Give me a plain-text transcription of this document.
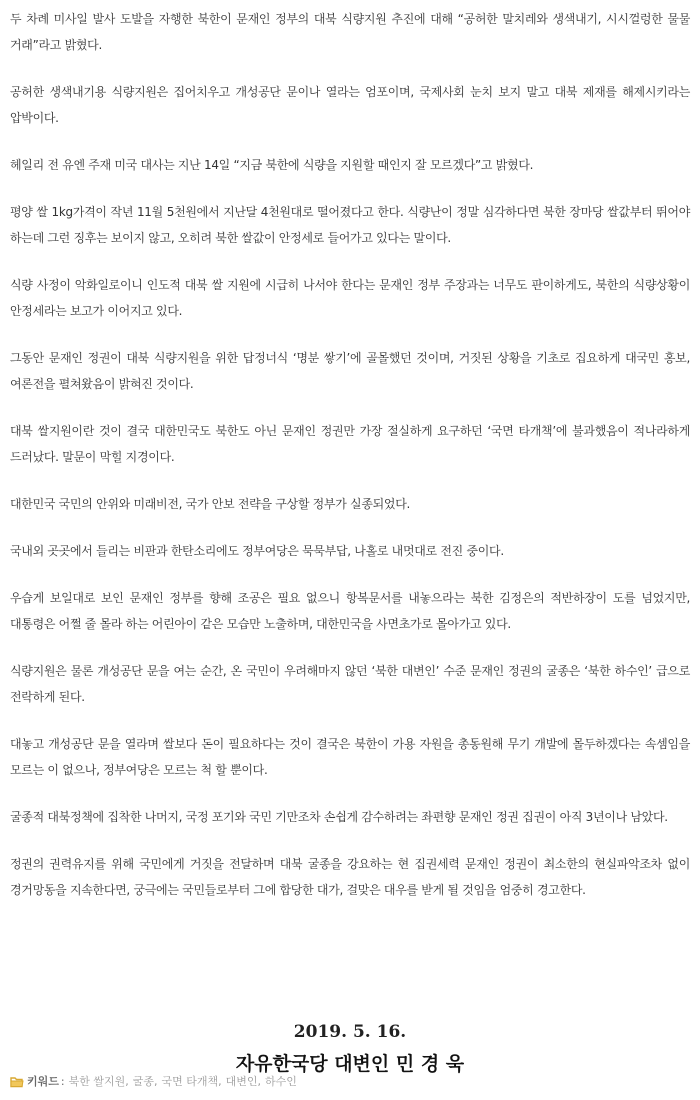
두 차례 미사일 발사 도발을 자행한 북한이 문재인 정부의 대북 식량지원 추진에 대해 “공허한 말치레와 생색내기, 시시껄렁한 물물 거래”라고 밝혔다.

공허한 생색내기용 식량지원은 집어치우고 개성공단 문이나 열라는 엄포이며, 국제사회 눈치 보지 말고 대북 제재를 해제시키라는 압박이다.

헤일리 전 유엔 주재 미국 대사는 지난 14일 “지금 북한에 식량을 지원할 때인지 잘 모르겠다”고 밝혔다.

평양 쌀 1kg가격이 작년 11월 5천원에서 지난달 4천원대로 떨어졌다고 한다. 식량난이 정말 심각하다면 북한 장마당 쌀값부터 뛰어야 하는데 그런 징후는 보이지 않고, 오히려 북한 쌀값이 안정세로 들어가고 있다는 말이다.

식량 사정이 악화일로이니 인도적 대북 쌀 지원에 시급히 나서야 한다는 문재인 정부 주장과는 너무도 판이하게도, 북한의 식량상황이 안정세라는 보고가 이어지고 있다.

그동안 문재인 정권이 대북 식량지원을 위한 답정너식 ‘명분 쌓기’에 골몰했던 것이며, 거짓된 상황을 기초로 집요하게 대국민 홍보, 여론전을 펼쳐왔음이 밝혀진 것이다.

대북 쌀지원이란 것이 결국 대한민국도 북한도 아닌 문재인 정권만 가장 절실하게 요구하던 ‘국면 타개책’에 불과했음이 적나라하게 드러났다. 말문이 막힐 지경이다.

대한민국 국민의 안위와 미래비전, 국가 안보 전략을 구상할 정부가 실종되었다.

국내외 곳곳에서 들리는 비판과 한탄소리에도 정부여당은 묵묵부답, 나홀로 내멋대로 전진 중이다.

우습게 보일대로 보인 문재인 정부를 향해 조공은 필요 없으니 항복문서를 내놓으라는 북한 김정은의 적반하장이 도를 넘었지만, 대통령은 어쩔 줄 몰라 하는 어린아이 같은 모습만 노출하며, 대한민국을 사면초가로 몰아가고 있다.

식량지원은 물론 개성공단 문을 여는 순간, 온 국민이 우려해마지 않던 ‘북한 대변인’ 수준 문재인 정권의 굴종은 ‘북한 하수인’ 급으로 전락하게 된다.

대놓고 개성공단 문을 열라며 쌀보다 돈이 필요하다는 것이 결국은 북한이 가용 자원을 총동원해 무기 개발에 몰두하겠다는 속셈임을 모르는 이 없으나, 정부여당은 모르는 척 할 뿐이다.

굴종적 대북정책에 집착한 나머지, 국정 포기와 국민 기만조차 손쉽게 감수하려는 좌편향 문재인 정권 집권이 아직 3년이나 남았다.

정권의 권력유지를 위해 국민에게 거짓을 전달하며 대북 굴종을 강요하는 현 집권세력 문재인 정권이 최소한의 현실파악조차 없이 경거망동을 지속한다면, 궁극에는 국민들로부터 그에 합당한 대가, 걸맞은 대우를 받게 될 것임을 엄중히 경고한다.

2019. 5. 16.
자유한국당 대변인 민 경 욱
키워드 : 북한 쌀지원 , 굴종 , 국면 타개책 , 대변인 , 하수인
